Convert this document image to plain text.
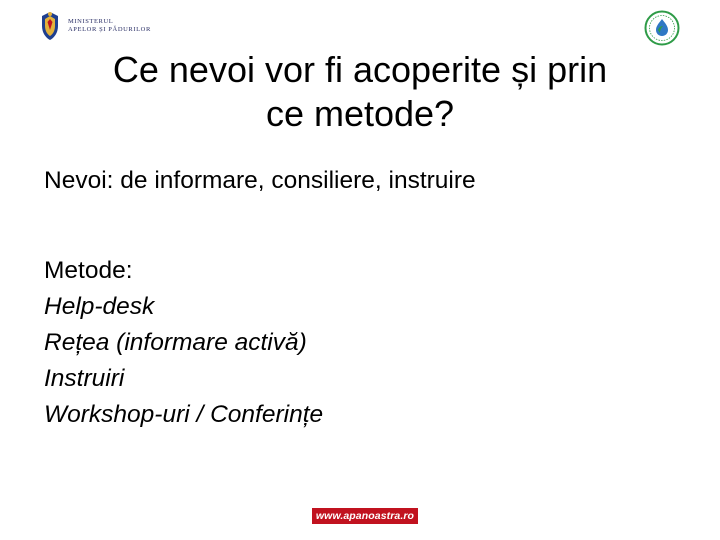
MINISTERUL
APELOR ȘI PĂDURILOR
Ce nevoi vor fi acoperite și prin
ce metode?
Nevoi: de informare, consiliere, instruire
Metode:
Help-desk
Rețea (informare activă)
Instruiri
Workshop-uri / Conferințe
www.apanoastra.ro
